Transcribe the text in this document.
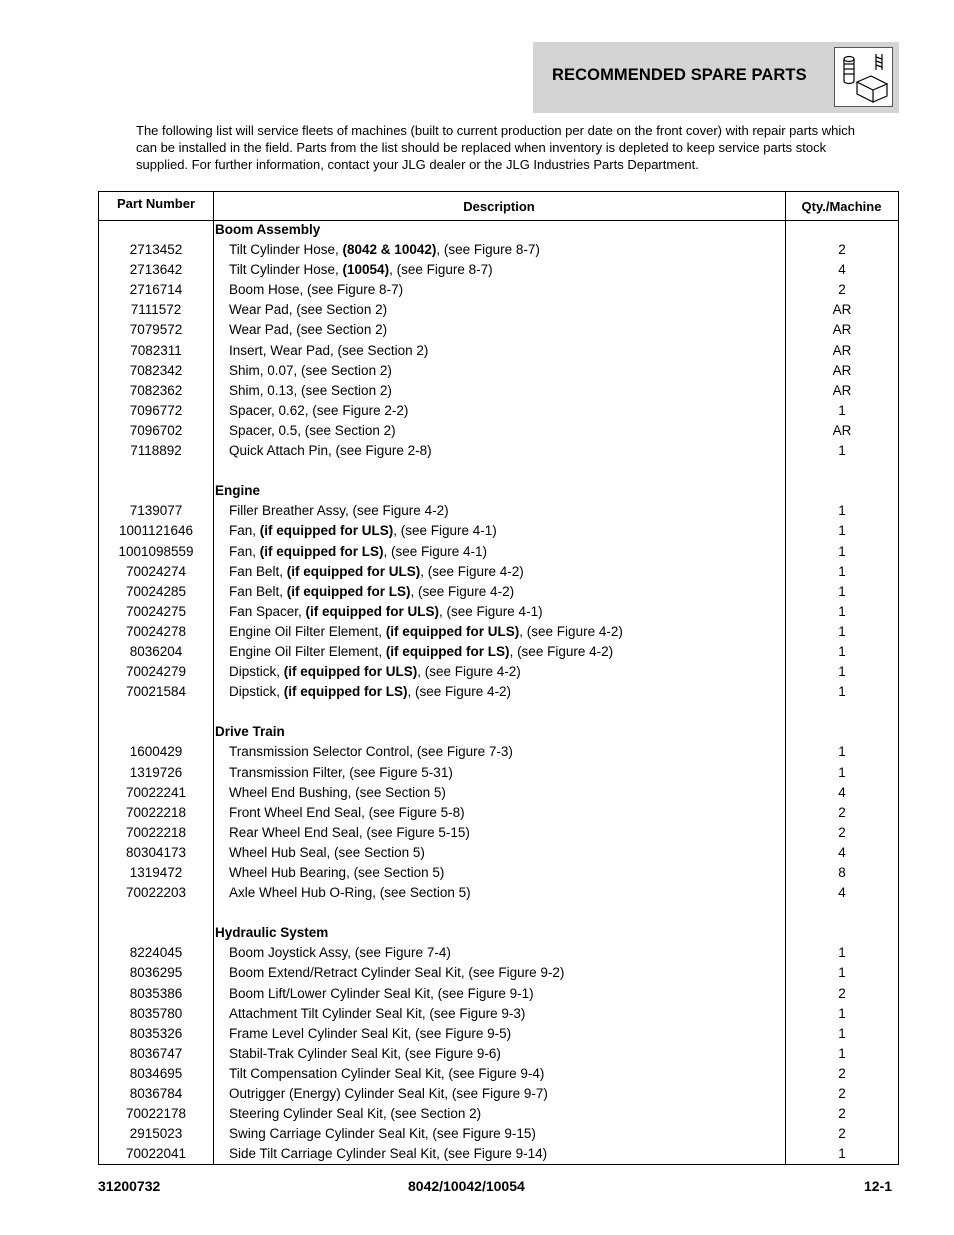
RECOMMENDED SPARE PARTS
The following list will service fleets of machines (built to current production per date on the front cover) with repair parts which can be installed in the field. Parts from the list should be replaced when inventory is depleted to keep service parts stock supplied. For further information, contact your JLG dealer or the JLG Industries Parts Department.
Part Number	Description	Qty./Machine
Boom Assembly
2713452	Tilt Cylinder Hose, (8042 & 10042), (see Figure 8-7)	2
2713642	Tilt Cylinder Hose, (10054), (see Figure 8-7)	4
2716714	Boom Hose, (see Figure 8-7)	2
7111572	Wear Pad, (see Section 2)	AR
7079572	Wear Pad, (see Section 2)	AR
7082311	Insert, Wear Pad, (see Section 2)	AR
7082342	Shim, 0.07, (see Section 2)	AR
7082362	Shim, 0.13, (see Section 2)	AR
7096772	Spacer, 0.62, (see Figure 2-2)	1
7096702	Spacer, 0.5, (see Section 2)	AR
7118892	Quick Attach Pin, (see Figure 2-8)	1
Engine
7139077	Filler Breather Assy, (see Figure 4-2)	1
1001121646	Fan, (if equipped for ULS), (see Figure 4-1)	1
1001098559	Fan, (if equipped for LS), (see Figure 4-1)	1
70024274	Fan Belt, (if equipped for ULS), (see Figure 4-2)	1
70024285	Fan Belt, (if equipped for LS), (see Figure 4-2)	1
70024275	Fan Spacer, (if equipped for ULS), (see Figure 4-1)	1
70024278	Engine Oil Filter Element, (if equipped for ULS), (see Figure 4-2)	1
8036204	Engine Oil Filter Element, (if equipped for LS), (see Figure 4-2)	1
70024279	Dipstick, (if equipped for ULS), (see Figure 4-2)	1
70021584	Dipstick, (if equipped for LS), (see Figure 4-2)	1
Drive Train
1600429	Transmission Selector Control, (see Figure 7-3)	1
1319726	Transmission Filter, (see Figure 5-31)	1
70022241	Wheel End Bushing, (see Section 5)	4
70022218	Front Wheel End Seal, (see Figure 5-8)	2
70022218	Rear Wheel End Seal, (see Figure 5-15)	2
80304173	Wheel Hub Seal, (see Section 5)	4
1319472	Wheel Hub Bearing, (see Section 5)	8
70022203	Axle Wheel Hub O-Ring, (see Section 5)	4
Hydraulic System
8224045	Boom Joystick Assy, (see Figure 7-4)	1
8036295	Boom Extend/Retract Cylinder Seal Kit, (see Figure 9-2)	1
8035386	Boom Lift/Lower Cylinder Seal Kit, (see Figure 9-1)	2
8035780	Attachment Tilt Cylinder Seal Kit, (see Figure 9-3)	1
8035326	Frame Level Cylinder Seal Kit, (see Figure 9-5)	1
8036747	Stabil-Trak Cylinder Seal Kit, (see Figure 9-6)	1
8034695	Tilt Compensation Cylinder Seal Kit, (see Figure 9-4)	2
8036784	Outrigger (Energy) Cylinder Seal Kit, (see Figure 9-7)	2
70022178	Steering Cylinder Seal Kit, (see Section 2)	2
2915023	Swing Carriage Cylinder Seal Kit, (see Figure 9-15)	2
70022041	Side Tilt Carriage Cylinder Seal Kit, (see Figure 9-14)	1
31200732	8042/10042/10054	12-1
